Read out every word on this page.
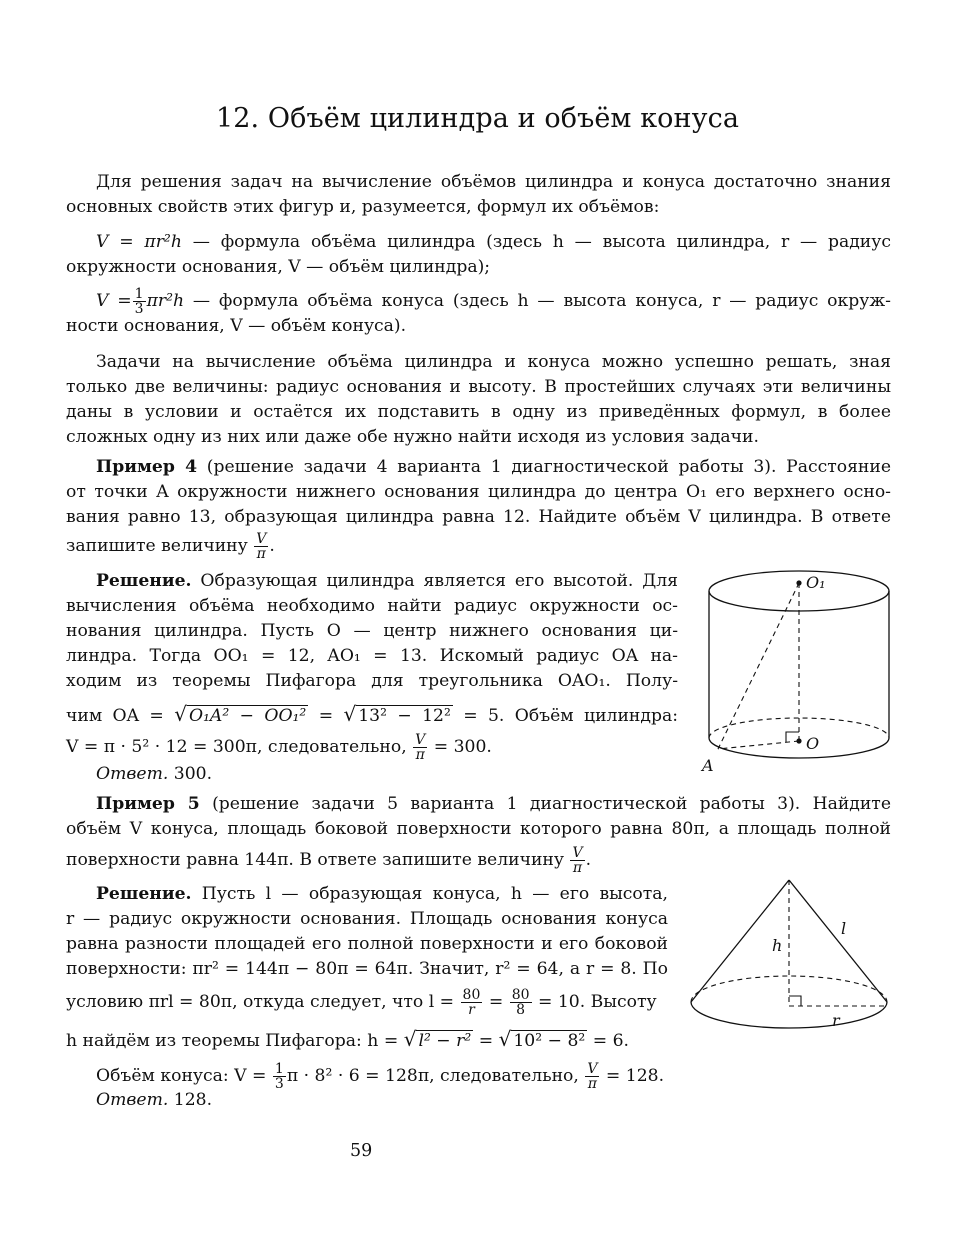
12. Объём цилиндра и объём конуса
Для решения задач на вычисление объёмов цилиндра и конуса достаточно знания
основных свойств этих фигур и, разумеется, формул их объёмов:
V = πr²h — формула объёма цилиндра (здесь h — высота цилиндра, r — радиус
окружности основания, V — объём цилиндра);
$V = \frac{1}{3} \pi r^2h$ — формула объёма конуса (здесь h — высота конуса, r — радиус окруж-
ности основания, V — объём конуса).
Задачи на вычисление объёма цилиндра и конуса можно успешно решать, зная
только две величины: радиус основания и высоту. В простейших случаях эти величины
даны в условии и остаётся их подставить в одну из приведённых формул, в более
сложных одну из них или даже обе нужно найти исходя из условия задачи.
Пример 4 (решение задачи 4 варианта 1 диагностической работы 3). Расстояние
от точки A окружности нижнего основания цилиндра до центра O₁ его верхнего осно-
вания равно 13, образующая цилиндра равна 12. Найдите объём V цилиндра. В ответе
запишите величину $\frac{V}{\pi}$ .
Решение. Образующая цилиндра является его высотой. Для
вычисления объёма необходимо найти радиус окружности ос-
нования цилиндра. Пусть O — центр нижнего основания ци-
линдра. Тогда OO₁ = 12, AO₁ = 13. Искомый радиус OA на-
ходим из теоремы Пифагора для треугольника OAO₁. Полу-
чим OA = √ O₁A² − OO₁² = √ 13² − 12² = 5. Объём цилиндра:
V = π · 5² · 12 = 300π, следовательно, $\frac{V}{\pi} = 300$.
Ответ. 300.
Пример 5 (решение задачи 5 варианта 1 диагностической работы 3). Найдите
объём V конуса, площадь боковой поверхности которого равна 80π, а площадь полной
поверхности равна 144π. В ответе запишите величину $\frac{V}{\pi}$ .
Решение. Пусть l — образующая конуса, h — его высота,
r — радиус окружности основания. Площадь основания конуса
равна разности площадей его полной поверхности и его боковой
поверхности: πr² = 144π − 80π = 64π. Значит, r² = 64, а r = 8. По
условию πrl = 80π, откуда следует, что $l = \frac{80}{r} = \frac{80}{8} = 10$. Высоту
h найдём из теоремы Пифагора: h = √ l² − r² = √ 10² − 8² = 6.
Объём конуса: $V = \frac{1}{3}$ π · 8² · 6 = 128π, следовательно, $\frac{V}{\pi} = 128$.
Ответ. 128.
O₁
O
A
h
l
r
59
